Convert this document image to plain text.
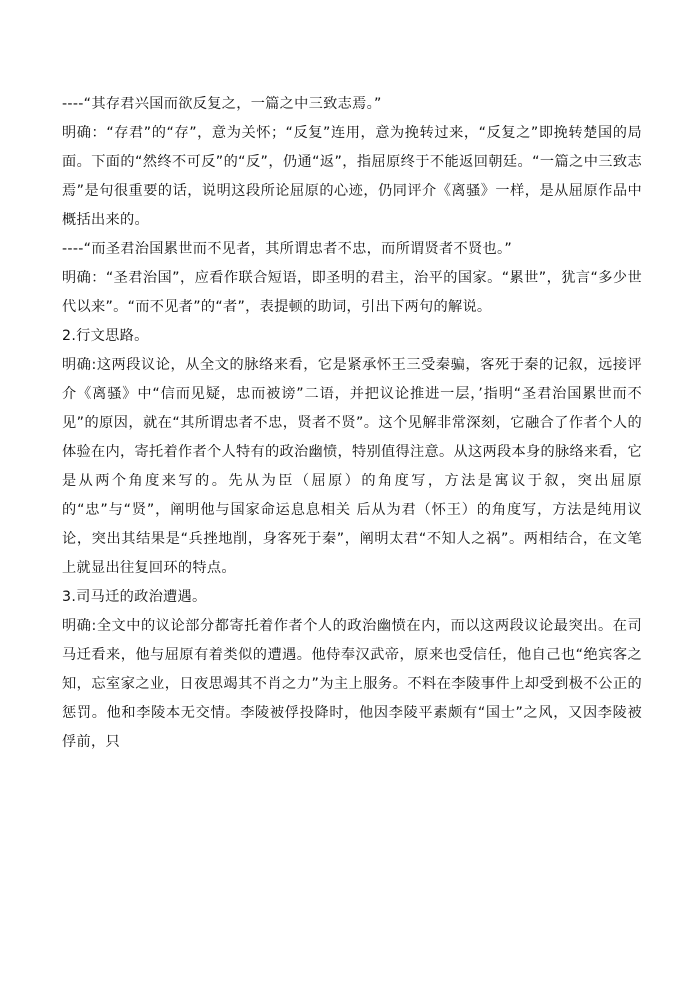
----“其存君兴国而欲反复之，一篇之中三致志焉。”

明确：“存君”的“存”，意为关怀；“反复”连用，意为挽转过来，“反复之”即挽转楚国的局面。下面的“然终不可反”的“反”，仍通“返”，指屈原终于不能返回朝廷。“一篇之中三致志焉”是句很重要的话，说明这段所论屈原的心迹，仍同评介《离骚》一样，是从屈原作品中概括出来的。

----“而圣君治国累世而不见者，其所谓忠者不忠，而所谓贤者不贤也。”

明确：“圣君治国”，应看作联合短语，即圣明的君主，治平的国家。“累世”，犹言“多少世代以来”。“而不见者”的“者”，表提顿的助词，引出下两句的解说。

2.行文思路。

明确:这两段议论，从全文的脉络来看，它是紧承怀王三受秦骗，客死于秦的记叙，远接评介《离骚》中“信而见疑，忠而被谤”二语，并把议论推进一层，’指明“圣君治国累世而不见”的原因，就在“其所谓忠者不忠，贤者不贤”。这个见解非常深刻，它融合了作者个人的体验在内，寄托着作者个人特有的政治幽愤，特别值得注意。从这两段本身的脉络来看，它是从两个角度来写的。先从为臣（屈原）的角度写，方法是寓议于叙，突出屈原的“忠”与“贤”，阐明他与国家命运息息相关 后从为君（怀王）的角度写，方法是纯用议论，突出其结果是“兵挫地削，身客死于秦”，阐明太君“不知人之祸”。两相结合，在文笔上就显出往复回环的特点。

3.司马迁的政治遭遇。

明确:全文中的议论部分都寄托着作者个人的政治幽愤在内，而以这两段议论最突出。在司马迁看来，他与屈原有着类似的遭遇。他侍奉汉武帝，原来也受信任，他自己也“绝宾客之知，忘室家之业，日夜思竭其不肖之力”为主上服务。不料在李陵事件上却受到极不公正的惩罚。他和李陵本无交情。李陵被俘投降时，他因李陵平素颇有“国士”之风，又因李陵被俘前，只
